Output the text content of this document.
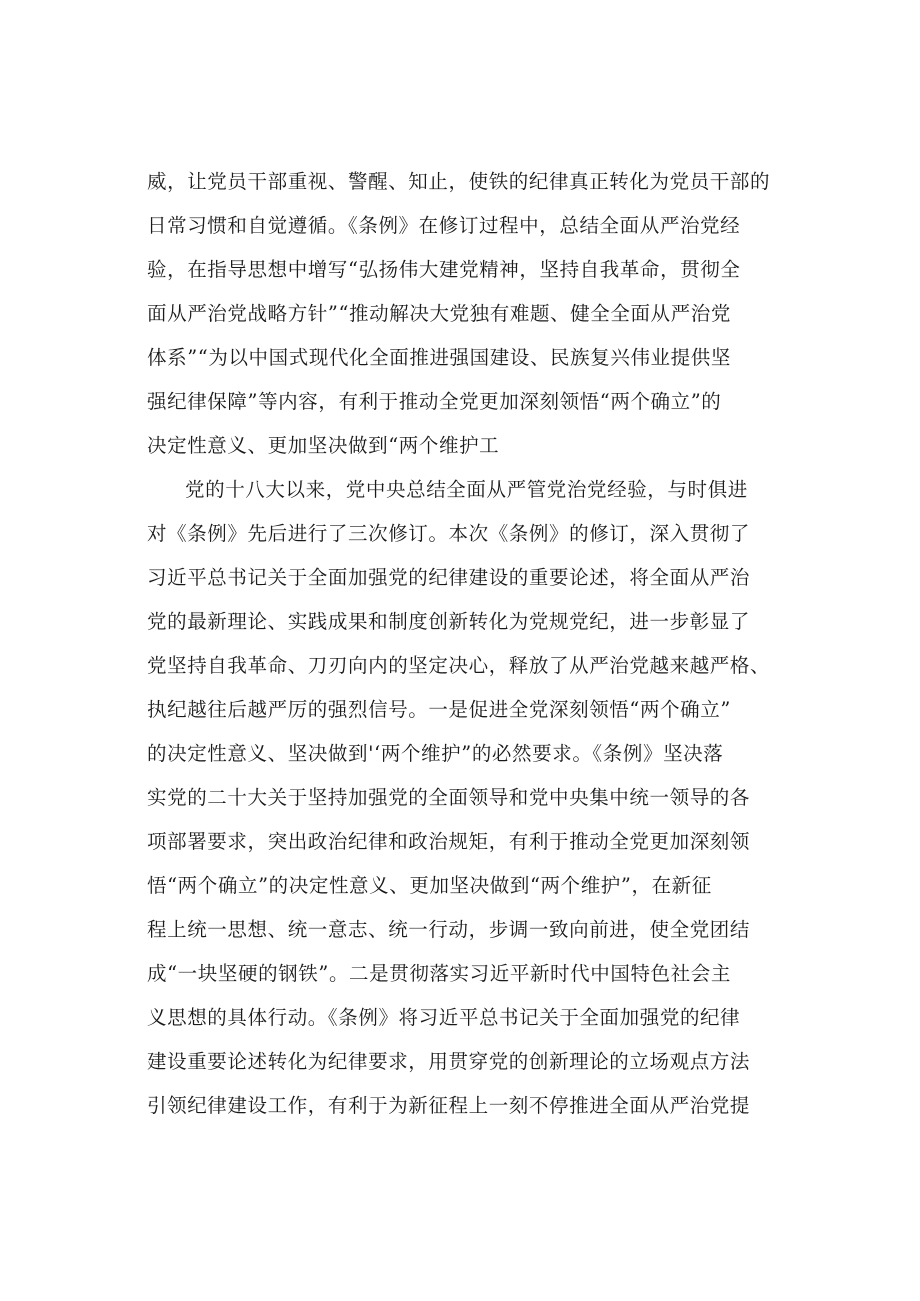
威，让党员干部重视、警醒、知止，使铁的纪律真正转化为党员干部的
日常习惯和自觉遵循。《条例》在修订过程中，总结全面从严治党经
验，在指导思想中增写“弘扬伟大建党精神，坚持自我革命，贯彻全
面从严治党战略方针”“推动解决大党独有难题、健全全面从严治党
体系”“为以中国式现代化全面推进强国建设、民族复兴伟业提供坚
强纪律保障”等内容，有利于推动全党更加深刻领悟“两个确立”的
决定性意义、更加坚决做到“两个维护工
党的十八大以来，党中央总结全面从严管党治党经验，与时俱进
对《条例》先后进行了三次修订。本次《条例》的修订，深入贯彻了
习近平总书记关于全面加强党的纪律建设的重要论述，将全面从严治
党的最新理论、实践成果和制度创新转化为党规党纪，进一步彰显了
党坚持自我革命、刀刃向内的坚定决心，释放了从严治党越来越严格、
执纪越往后越严厉的强烈信号。一是促进全党深刻领悟“两个确立”
的决定性意义、坚决做到'‘两个维护”的必然要求。《条例》坚决落
实党的二十大关于坚持加强党的全面领导和党中央集中统一领导的各
项部署要求，突出政治纪律和政治规矩，有利于推动全党更加深刻领
悟“两个确立”的决定性意义、更加坚决做到“两个维护”，在新征
程上统一思想、统一意志、统一行动，步调一致向前进，使全党团结
成“一块坚硬的钢铁”。二是贯彻落实习近平新时代中国特色社会主
义思想的具体行动。《条例》将习近平总书记关于全面加强党的纪律
建设重要论述转化为纪律要求，用贯穿党的创新理论的立场观点方法
引领纪律建设工作，有利于为新征程上一刻不停推进全面从严治党提
